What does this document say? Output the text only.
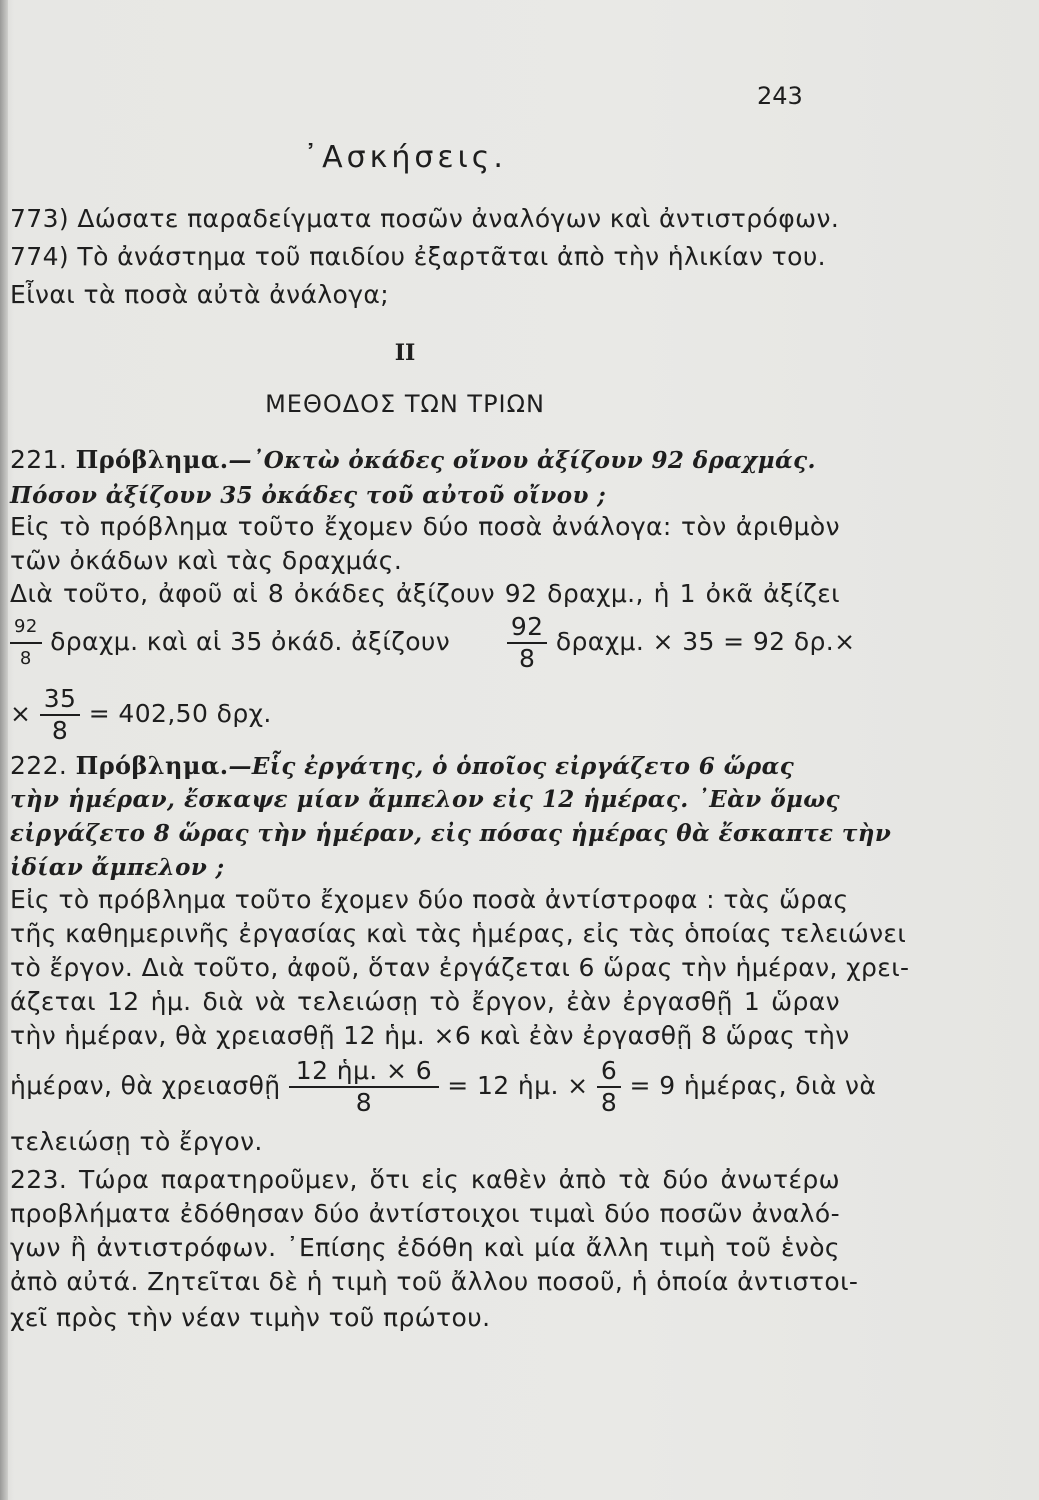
243
᾿Ασκήσεις.
773) Δώσατε παραδείγματα ποσῶν ἀναλόγων καὶ ἀντιστρόφων.
774) Τὸ ἀνάστημα τοῦ παιδίου ἐξαρτᾶται ἀπὸ τὴν ἡλικίαν του.
Εἶναι τὰ ποσὰ αὐτὰ ἀνάλογα;
II
ΜΕΘΟΔΟΣ ΤΩΝ ΤΡΙΩΝ
221. Πρόβλημα.—᾿Οκτὼ ὀκάδες οἴνου ἀξίζουν 92 δραχμάς.
Πόσον ἀξίζουν 35 ὀκάδες τοῦ αὐτοῦ οἴνου ;
Εἰς τὸ πρόβλημα τοῦτο ἔχομεν δύο ποσὰ ἀνάλογα: τὸν ἀριθμὸν
τῶν ὀκάδων καὶ τὰς δραχμάς.
Διὰ τοῦτο, ἀφοῦ αἱ 8 ὀκάδες ἀξίζουν 92 δραχμ., ἡ 1 ὀκᾶ ἀξίζει
$\frac{92}{8} \delta\rho\alpha\chi\mu$. καὶ αἱ 35 ὀκάδ. ἀξίζουν $\frac{92}{8} \delta\rho\alpha\chi\mu$. × 35 = 92 δρ.×
× $\frac{35}{8} = 402,50$ δρχ.
222. Πρόβλημα.—Εἷς ἐργάτης, ὁ ὁποῖος εἰργάζετο 6 ὥρας
τὴν ἡμέραν, ἔσκαψε μίαν ἄμπελον εἰς 12 ἡμέρας. ᾿Εὰν ὅμως
εἰργάζετο 8 ὥρας τὴν ἡμέραν, εἰς πόσας ἡμέρας θὰ ἔσκαπτε τὴν
ἰδίαν ἄμπελον ;
Εἰς τὸ πρόβλημα τοῦτο ἔχομεν δύο ποσὰ ἀντίστροφα : τὰς ὥρας
τῆς καθημερινῆς ἐργασίας καὶ τὰς ἡμέρας, εἰς τὰς ὁποίας τελειώνει
τὸ ἔργον. Διὰ τοῦτο, ἀφοῦ, ὅταν ἐργάζεται 6 ὥρας τὴν ἡμέραν, χρει-
άζεται 12 ἡμ. διὰ νὰ τελειώσῃ τὸ ἔργον, ἐὰν ἐργασθῇ 1 ὥραν
τὴν ἡμέραν, θὰ χρειασθῇ 12 ἡμ. ×6 καὶ ἐὰν ἐργασθῇ 8 ὥρας τὴν
ἡμέραν, θὰ χρειασθῇ $\frac{\text{12 ἡμ. × 6}}{8} = 12$ ἡμ. × $\frac{6}{8} = 9$ ἡμέρας, διὰ νὰ
τελειώσῃ τὸ ἔργον.
223. Τώρα παρατηροῦμεν, ὅτι εἰς καθὲν ἀπὸ τὰ δύο ἀνωτέρω
προβλήματα ἐδόθησαν δύο ἀντίστοιχοι τιμαὶ δύο ποσῶν ἀναλό-
γων ἢ ἀντιστρόφων. ᾿Επίσης ἐδόθη καὶ μία ἄλλη τιμὴ τοῦ ἑνὸς
ἀπὸ αὐτά. Ζητεῖται δὲ ἡ τιμὴ τοῦ ἄλλου ποσοῦ, ἡ ὁποία ἀντιστοι-
χεῖ πρὸς τὴν νέαν τιμὴν τοῦ πρώτου.
